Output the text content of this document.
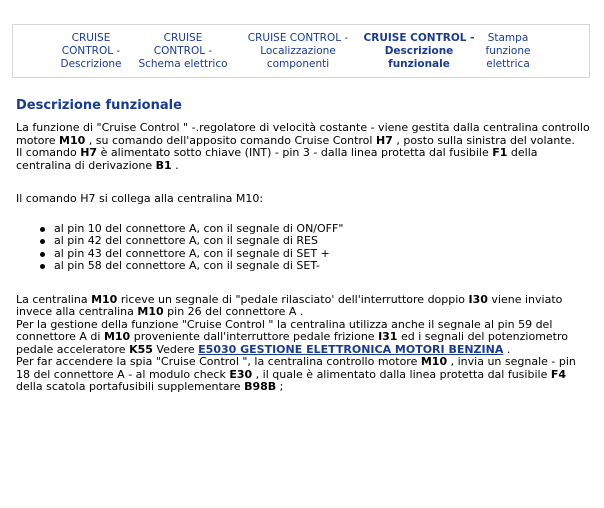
CRUISE
CONTROL -
Descrizione
CRUISE
CONTROL -
Schema elettrico
CRUISE CONTROL -
Localizzazione
componenti
CRUISE CONTROL -
Descrizione
funzionale
Stampa
funzione
elettrica
Descrizione funzionale

La funzione di "Cruise Control " -.regolatore di velocità costante - viene gestita dalla centralina controllo motore M10 , su comando dell'apposito comando Cruise Control H7 , posto sulla sinistra del volante.

Il comando H7 è alimentato sotto chiave (INT) - pin 3 - dalla linea protetta dal fusibile F1 della centralina di derivazione B1 .

Il comando H7 si collega alla centralina M10:

al pin 10 del connettore A, con il segnale di ON/OFF"
al pin 42 del connettore A, con il segnale di RES
al pin 43 del connettore A, con il segnale di SET +
al pin 58 del connettore A, con il segnale di SET-

La centralina M10 riceve un segnale di "pedale rilasciato' dell'interruttore doppio I30 viene inviato invece alla centralina M10 pin 26 del connettore A .

Per la gestione della funzione "Cruise Control " la centralina utilizza anche il segnale al pin 59 del connettore A di M10 proveniente dall'interruttore pedale frizione I31 ed i segnali del potenziometro pedale acceleratore K55 Vedere E5030 GESTIONE ELETTRONICA MOTORI BENZINA .

Per far accendere la spia "Cruise Control ", la centralina controllo motore M10 , invia un segnale - pin 18 del connettore A - al modulo check E30 , il quale è alimentato dalla linea protetta dal fusibile F4 della scatola portafusibili supplementare B98B ;
